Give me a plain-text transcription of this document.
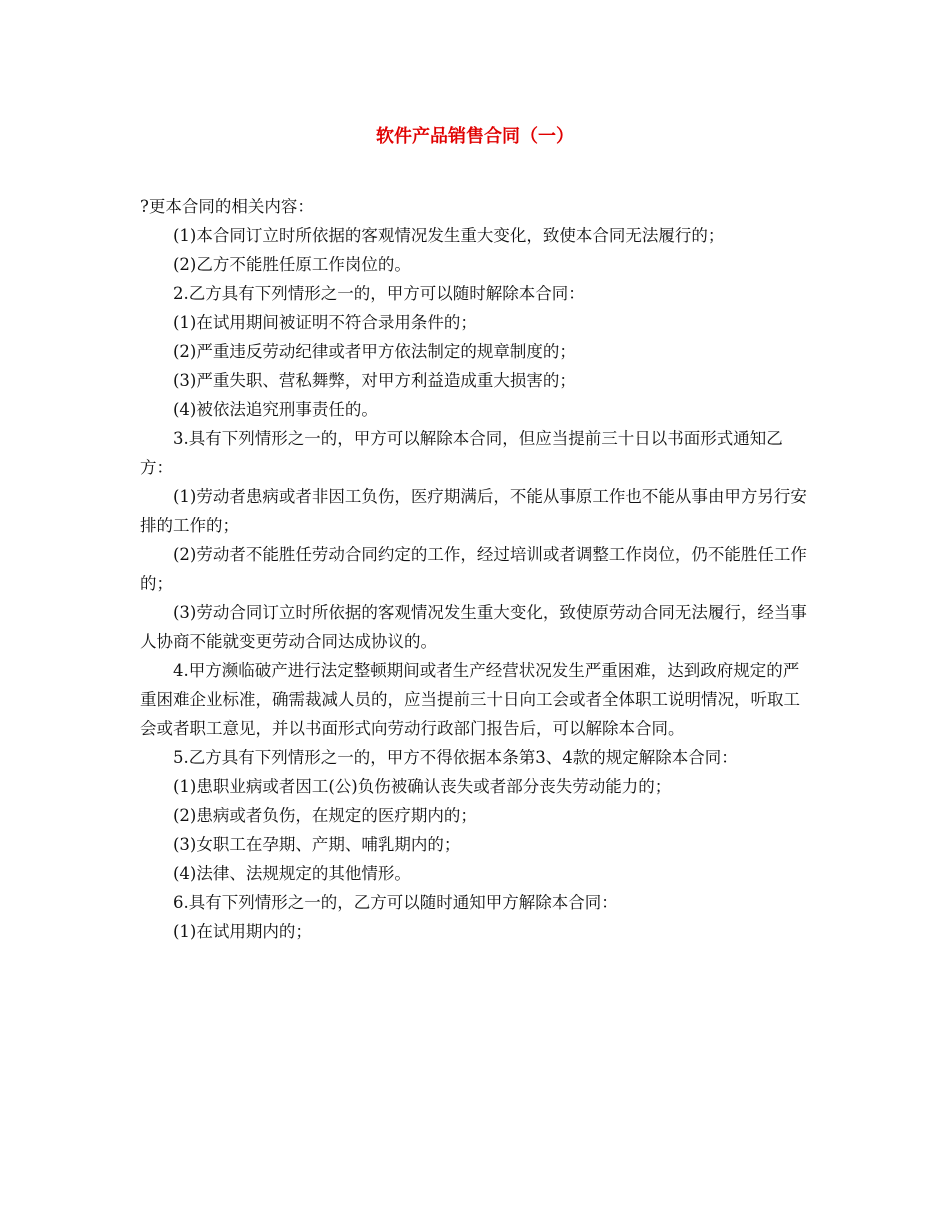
软件产品销售合同（一）

?更本合同的相关内容：

(1)本合同订立时所依据的客观情况发生重大变化，致使本合同无法履行的；

(2)乙方不能胜任原工作岗位的。

2.乙方具有下列情形之一的，甲方可以随时解除本合同：

(1)在试用期间被证明不符合录用条件的；

(2)严重违反劳动纪律或者甲方依法制定的规章制度的；

(3)严重失职、营私舞弊，对甲方利益造成重大损害的；

(4)被依法追究刑事责任的。

3.具有下列情形之一的，甲方可以解除本合同，但应当提前三十日以书面形式通知乙方：

(1)劳动者患病或者非因工负伤，医疗期满后，不能从事原工作也不能从事由甲方另行安排的工作的；

(2)劳动者不能胜任劳动合同约定的工作，经过培训或者调整工作岗位，仍不能胜任工作的；

(3)劳动合同订立时所依据的客观情况发生重大变化，致使原劳动合同无法履行，经当事人协商不能就变更劳动合同达成协议的。

4.甲方濒临破产进行法定整顿期间或者生产经营状况发生严重困难，达到政府规定的严重困难企业标准，确需裁减人员的，应当提前三十日向工会或者全体职工说明情况，听取工会或者职工意见，并以书面形式向劳动行政部门报告后，可以解除本合同。

5.乙方具有下列情形之一的，甲方不得依据本条第3、4款的规定解除本合同：

(1)患职业病或者因工(公)负伤被确认丧失或者部分丧失劳动能力的；

(2)患病或者负伤，在规定的医疗期内的；

(3)女职工在孕期、产期、哺乳期内的；

(4)法律、法规规定的其他情形。

6.具有下列情形之一的，乙方可以随时通知甲方解除本合同：

(1)在试用期内的；
